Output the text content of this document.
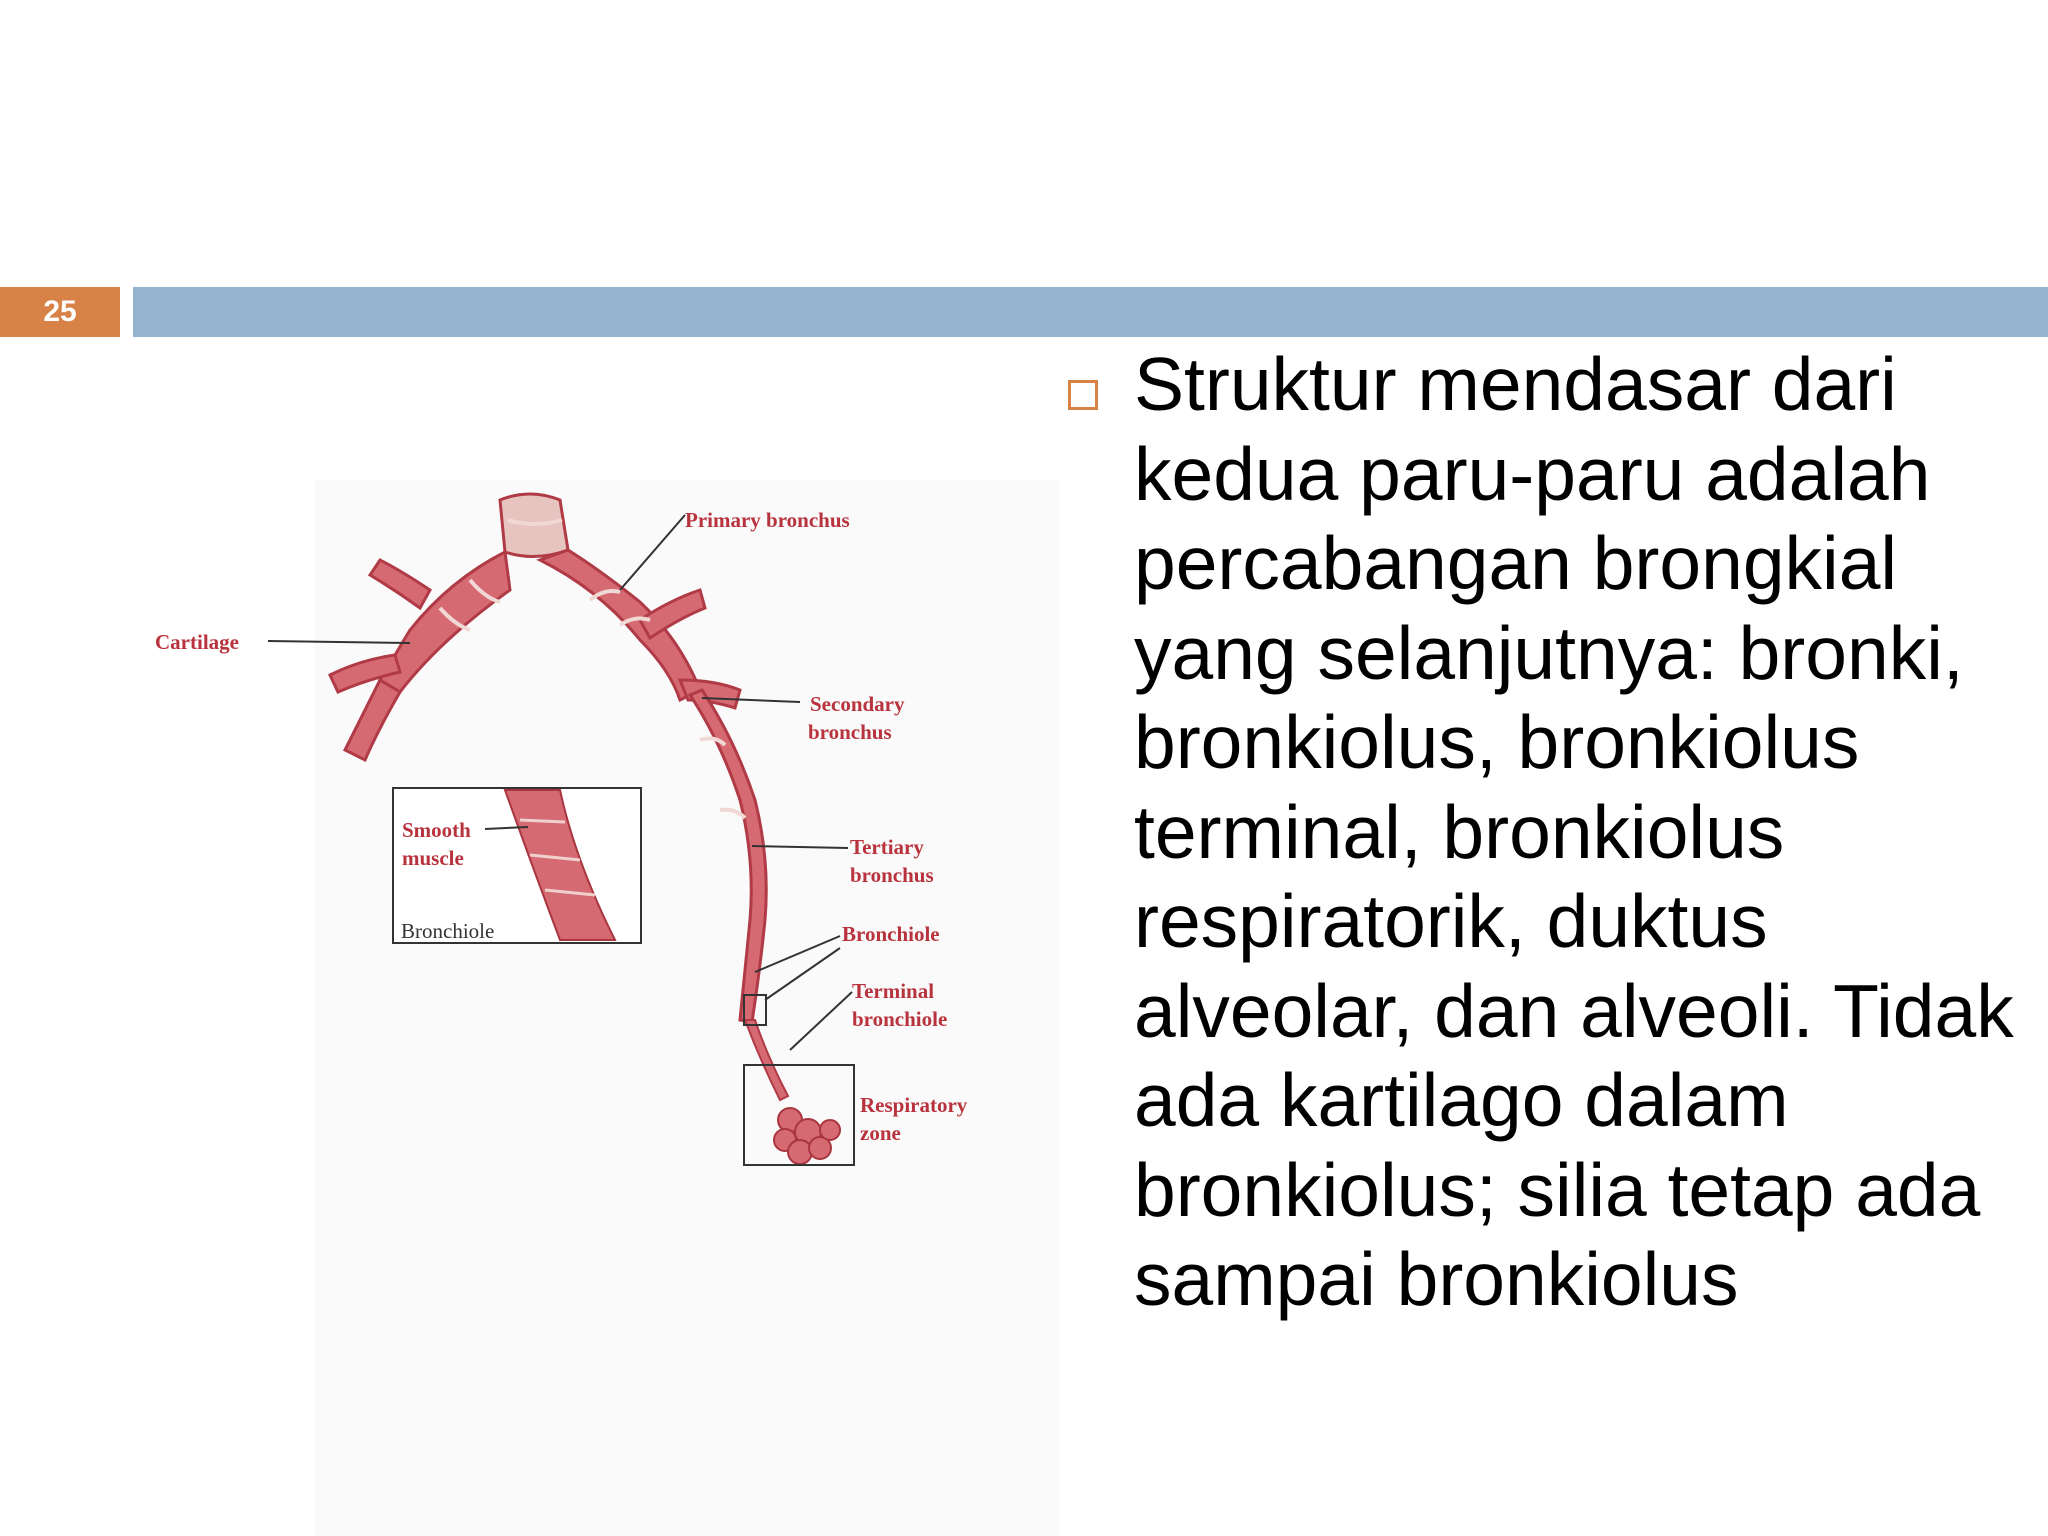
25
Primary bronchus
Cartilage
Secondary
bronchus
Smooth
muscle
Bronchiole
Tertiary
bronchus
Bronchiole
Terminal
bronchiole
Respiratory
zone
Struktur mendasar dari kedua paru-paru adalah percabangan brongkial yang selanjutnya: bronki, bronkiolus, bronkiolus terminal, bronkiolus respiratorik, duktus alveolar, dan alveoli. Tidak ada kartilago dalam bronkiolus; silia tetap ada sampai bronkiolus
